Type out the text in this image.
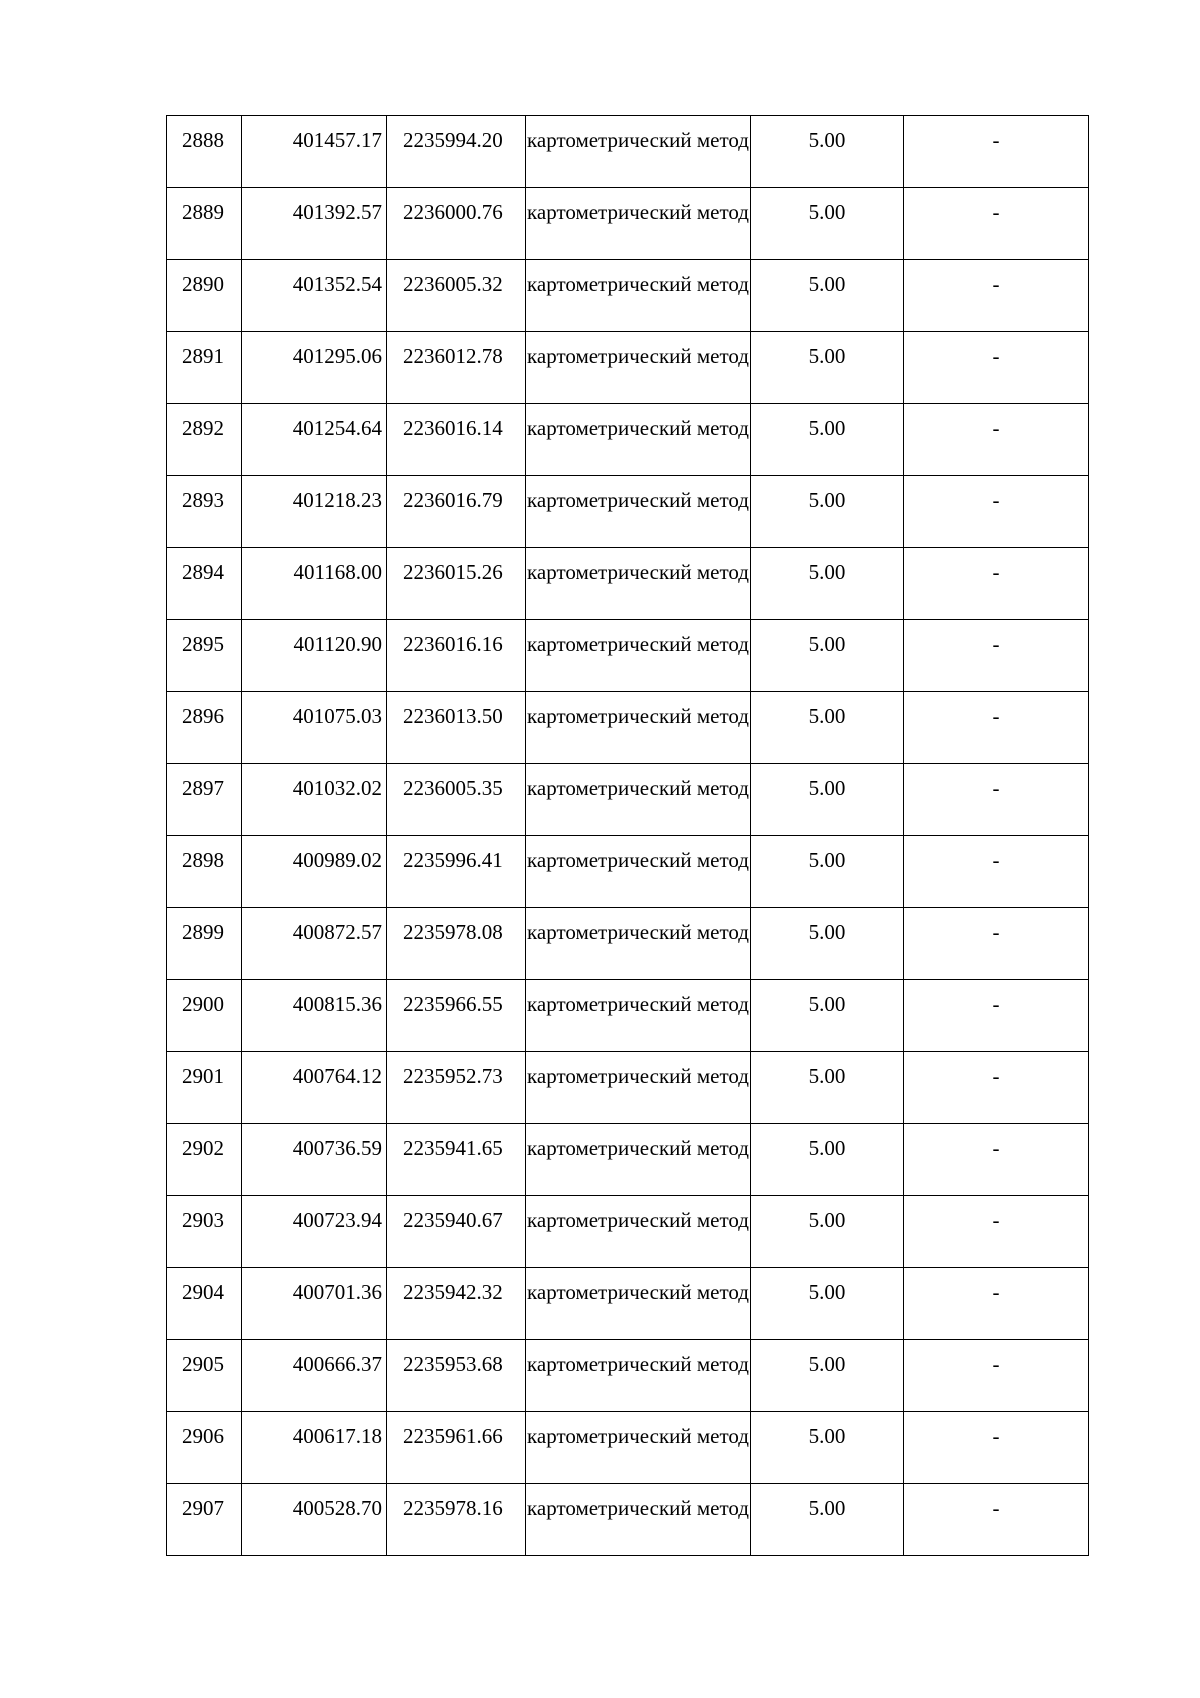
2888	401457.17	2235994.20	картометрический метод	5.00	-
2889	401392.57	2236000.76	картометрический метод	5.00	-
2890	401352.54	2236005.32	картометрический метод	5.00	-
2891	401295.06	2236012.78	картометрический метод	5.00	-
2892	401254.64	2236016.14	картометрический метод	5.00	-
2893	401218.23	2236016.79	картометрический метод	5.00	-
2894	401168.00	2236015.26	картометрический метод	5.00	-
2895	401120.90	2236016.16	картометрический метод	5.00	-
2896	401075.03	2236013.50	картометрический метод	5.00	-
2897	401032.02	2236005.35	картометрический метод	5.00	-
2898	400989.02	2235996.41	картометрический метод	5.00	-
2899	400872.57	2235978.08	картометрический метод	5.00	-
2900	400815.36	2235966.55	картометрический метод	5.00	-
2901	400764.12	2235952.73	картометрический метод	5.00	-
2902	400736.59	2235941.65	картометрический метод	5.00	-
2903	400723.94	2235940.67	картометрический метод	5.00	-
2904	400701.36	2235942.32	картометрический метод	5.00	-
2905	400666.37	2235953.68	картометрический метод	5.00	-
2906	400617.18	2235961.66	картометрический метод	5.00	-
2907	400528.70	2235978.16	картометрический метод	5.00	-
